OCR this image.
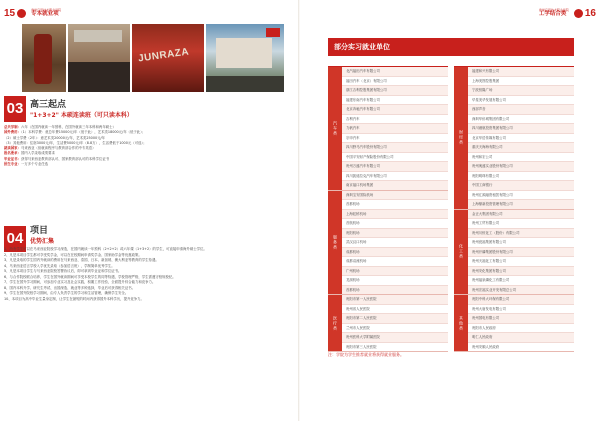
15	贵州应用技术职业学院
专本就业项
JUNRAZA
03 高三起点
"1+3+2" 本硕连读班（可只读本科）
总共学制：六年（在国内就读一年预科，在国外就读三年本科和两年硕士）
国外费用：（1）本科学费：意总年费15000元/年（低于此），艺术类18000元/年（低于此）；
（2）硕士学费（2年）：意艺术类20000元/年，艺术类25000元/年
（3）其他费用：住宿3000元/年，生活费5000元/年（8.8万），生活费低于1000元（可选）；
就读国家：马来西亚（但就读程序与教育部合作的中专英语）
报名要求：国内入学录取成绩要求
毕业证书：获得马来西亚教育部认可、国家教育部认可的本科学位证书
招生专业：一万多个专业任选
04 项目
优势汇集

1、所有学生可以在马来西亚院校学习深造，在国内就读一年预科（2+2+2）或六年课（1+3+2）的学生，可直接申请海外硕士学位。

2、凡是本项目学生都可享受奖学金，可以在在校期间申请奖学金、国家助学金等优惠政策。

3、凡是录取的学生国内外就读的费用在马来西亚、泰国、日本、新加坡、澳大利亚等教育的学生待遇。

4、马来西亚语言学校入学优先录取（参加语言班），学制简单优秀学生。

5、凡是本项目学生与马来西亚院校签署协议后，即可拿到毕业证和学位证书。

6、与合作院校联合培养，学生在国外就读期间可享受本校学生的同等待遇，学校管理严格，学生需遵守校规校纪。

7、学生在国外学习期间，可参加专业实习及社会实践，积累工作经验，全面提升综合能力和竞争力。

8、国内本科升学、研究生考试、出国深造、就业等多种选择，毕业后可获得相关证书。

9、学生在国外院校学习期间，由专人负责学生的学习和生活管理，确保学生安全。

10、本项目为高中毕业生量身定制，让学生在最短的时间内获得国外本科学历，提升竞争力。

贵州应用技术职业学院
工学结合类 16
部分实习就业单位
汽车类
北汽福田汽车有限公司
福田汽车（北京）有限公司
浙江吉利控股集团有限公司
福建东南汽车有限公司
北京奔驰汽车有限公司
吉利汽车
力帆汽车
宗申汽车
四川野马汽车股份有限公司
中国平安财产保险股份有限公司
贵州万盛汽车有限公司
四川凯迪拉克汽车有限公司
南京福口机场集团
服务类
深圳宝安国际机场
首都机场
上海虹桥机场
首航机场
贵阳机场
武汉汉口机场
成都机场
成都双流机场
广州机场
龙洞机场
首都机场
医疗类
贵阳市第一人民医院
贵州省人民医院
贵阳市第二人民医院
兰州市人民医院
贵州医科大学附属医院
贵阳市第三人民医院
财经类
福建和兴有限公司
上海美图控股集团
宁波恒隆广场
华星美华发展有限公司
西部声音
深圳华侨城集团有限公司
四川港航投资集团有限公司
北京华语传媒有限公司
重庆天海海有限公司
贵州和宏公司
贵州奥盛实业股份有限公司
贵阳明珠有限公司
中国工商银行
贵州汇源融资租赁有限公司
上海鼎新投资管理有限公司
化工类
金正大集团有限公司
贵州工贸有限公司
贵州川恒化工（股份）有限公司
贵州瓮福集团有限公司
贵州开磷集团股份有限公司
贵州天福化工有限公司
贵州安化集团有限公司
贵州福泉磷化工有限公司
贵州宏福实业开发有限总公司
其他类
贵阳中科大环保有限公司
贵州大唐发电有限公司
贵州国电有限公司
贵阳市人民政府
明仁人民政府
贵州安顺人民政府
注：学院为学生推荐就业将获得就业服务。
